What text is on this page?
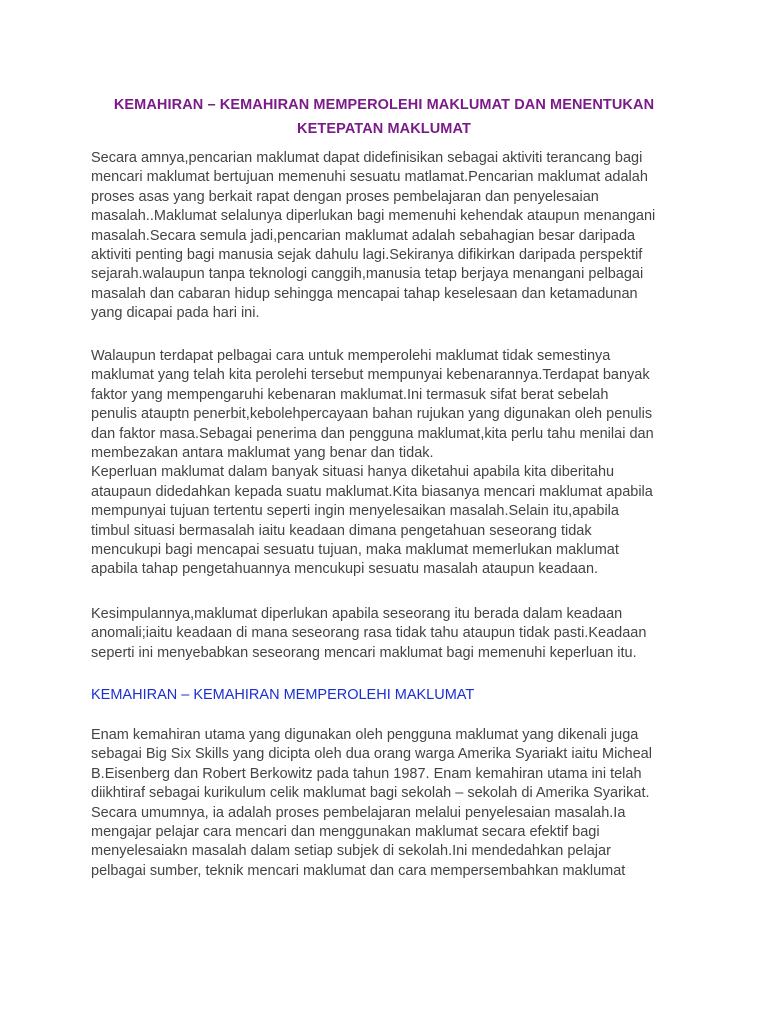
KEMAHIRAN – KEMAHIRAN MEMPEROLEHI MAKLUMAT DAN MENENTUKAN
KETEPATAN MAKLUMAT
Secara amnya,pencarian maklumat dapat didefinisikan sebagai aktiviti terancang bagi
mencari maklumat bertujuan memenuhi sesuatu matlamat.Pencarian maklumat adalah
proses asas yang berkait rapat dengan proses pembelajaran dan penyelesaian
masalah..Maklumat selalunya diperlukan bagi memenuhi kehendak ataupun menangani
masalah.Secara semula jadi,pencarian maklumat adalah sebahagian besar daripada
aktiviti penting bagi manusia sejak dahulu lagi.Sekiranya difikirkan daripada perspektif
sejarah.walaupun tanpa teknologi canggih,manusia tetap berjaya menangani pelbagai
masalah dan cabaran hidup sehingga mencapai tahap keselesaan dan ketamadunan
yang dicapai pada hari ini.
Walaupun terdapat pelbagai cara untuk memperolehi maklumat tidak semestinya
maklumat yang telah kita perolehi tersebut mempunyai kebenarannya.Terdapat banyak
faktor yang mempengaruhi kebenaran maklumat.Ini termasuk sifat berat sebelah
penulis atauptn penerbit,kebolehpercayaan bahan rujukan yang digunakan oleh penulis
dan faktor masa.Sebagai penerima dan pengguna maklumat,kita perlu tahu menilai dan
membezakan antara maklumat yang benar dan tidak.
Keperluan maklumat dalam banyak situasi hanya diketahui apabila kita diberitahu
ataupaun didedahkan kepada suatu maklumat.Kita biasanya mencari maklumat apabila
mempunyai tujuan tertentu seperti ingin menyelesaikan masalah.Selain itu,apabila
timbul situasi bermasalah iaitu keadaan dimana pengetahuan seseorang tidak
mencukupi bagi mencapai sesuatu tujuan, maka maklumat memerlukan maklumat
apabila tahap pengetahuannya mencukupi sesuatu masalah ataupun keadaan.
Kesimpulannya,maklumat diperlukan apabila seseorang itu berada dalam keadaan
anomali;iaitu keadaan di mana seseorang rasa tidak tahu ataupun tidak pasti.Keadaan
seperti ini menyebabkan seseorang mencari maklumat bagi memenuhi keperluan itu.
KEMAHIRAN – KEMAHIRAN MEMPEROLEHI MAKLUMAT
Enam kemahiran utama yang digunakan oleh pengguna maklumat yang dikenali juga
sebagai Big Six Skills yang dicipta oleh dua orang warga Amerika Syariakt iaitu Micheal
B.Eisenberg dan Robert Berkowitz pada tahun 1987. Enam kemahiran utama ini telah
diikhtiraf sebagai kurikulum celik maklumat bagi sekolah – sekolah di Amerika Syarikat.
Secara umumnya, ia adalah proses pembelajaran melalui penyelesaian masalah.Ia
mengajar pelajar cara mencari dan menggunakan maklumat secara efektif bagi
menyelesaiakn masalah dalam setiap subjek di sekolah.Ini mendedahkan pelajar
pelbagai sumber, teknik mencari maklumat dan cara mempersembahkan maklumat
